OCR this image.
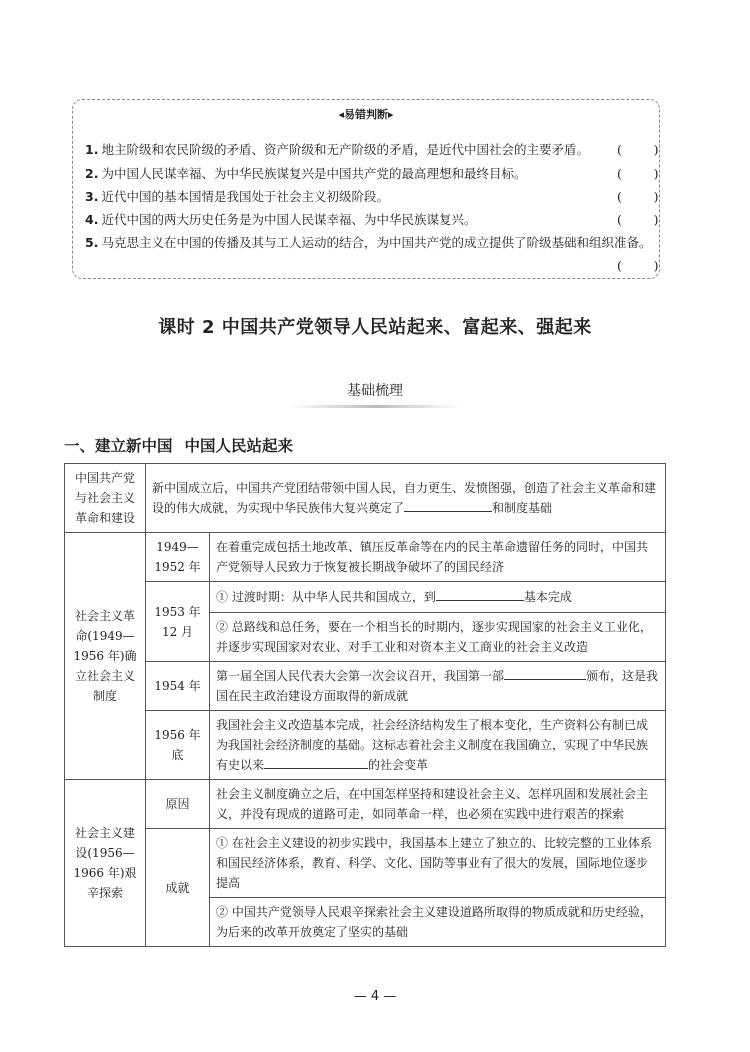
◂易错判断▸
1. 地主阶级和农民阶级的矛盾、资产阶级和无产阶级的矛盾，是近代中国社会的主要矛盾。 (        )
2. 为中国人民谋幸福、为中华民族谋复兴是中国共产党的最高理想和最终目标。	(        )
3. 近代中国的基本国情是我国处于社会主义初级阶段。	(        )
4. 近代中国的两大历史任务是为中国人民谋幸福、为中华民族谋复兴。	(        )
5. 马克思主义在中国的传播及其与工人运动的结合，为中国共产党的成立提供了阶级基础和组织准备。
(        )
课时 2 中国共产党领导人民站起来、富起来、强起来
基础梳理
一、建立新中国 中国人民站起来
中国共产党与社会主义革命和建设	新中国成立后，中国共产党团结带领中国人民，自力更生、发愤图强，创造了社会主义革命和建设的伟大成就，为实现中华民族伟大复兴奠定了 和制度基础	
社会主义革命(1949—1956 年)确立社会主义制度	1949—1952 年	在着重完成包括土地改革、镇压反革命等在内的民主革命遗留任务的同时，中国共产党领导人民致力于恢复被长期战争破坏了的国民经济
	1953 年 12 月	① 过渡时期：从中华人民共和国成立，到 基本完成
		② 总路线和总任务，要在一个相当长的时期内，逐步实现国家的社会主义工业化，并逐步实现国家对农业、对手工业和对资本主义工商业的社会主义改造
	1954 年	第一届全国人民代表大会第一次会议召开，我国第一部 颁布，这是我国在民主政治建设方面取得的新成就
	1956 年底	我国社会主义改造基本完成，社会经济结构发生了根本变化，生产资料公有制已成为我国社会经济制度的基础。这标志着社会主义制度在我国确立，实现了中华民族有史以来 的社会变革
社会主义建设(1956—1966 年)艰辛探索	原因	社会主义制度确立之后，在中国怎样坚持和建设社会主义、怎样巩固和发展社会主义，并没有现成的道路可走，如同革命一样，也必须在实践中进行艰苦的探索
	成就	① 在社会主义建设的初步实践中，我国基本上建立了独立的、比较完整的工业体系和国民经济体系，教育、科学、文化、国防等事业有了很大的发展，国际地位逐步提高
		② 中国共产党领导人民艰辛探索社会主义建设道路所取得的物质成就和历史经验，为后来的改革开放奠定了坚实的基础
— 4 —
